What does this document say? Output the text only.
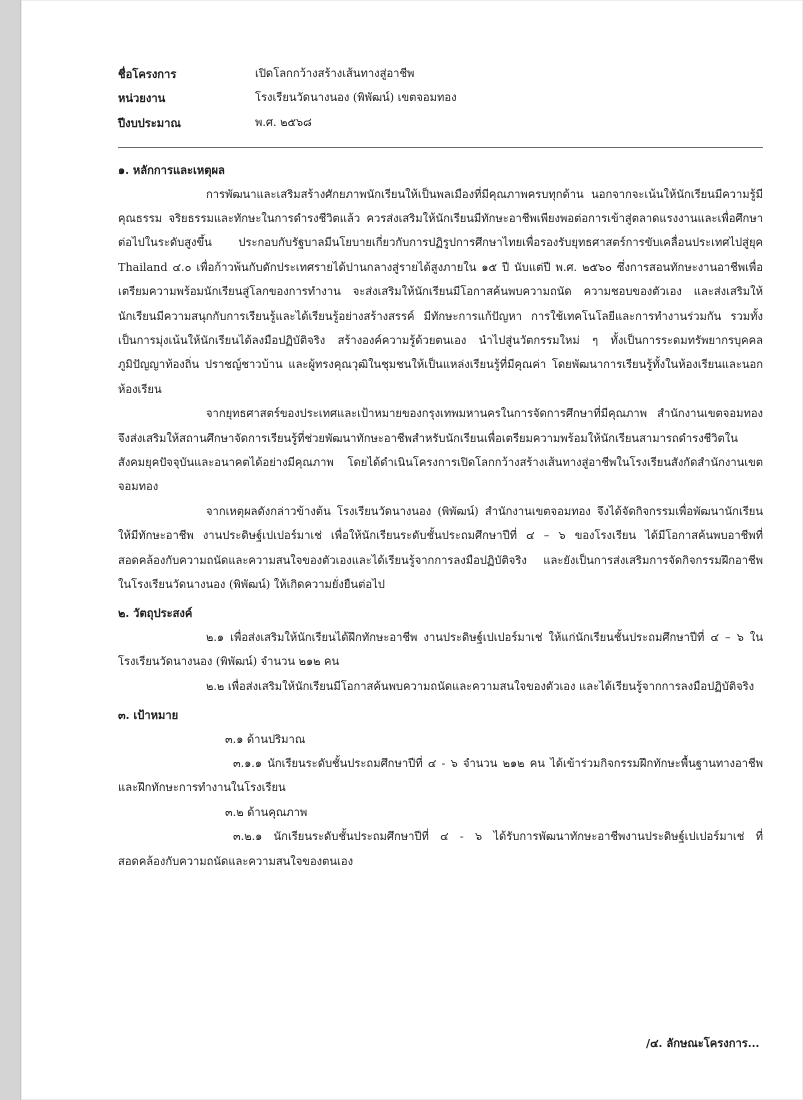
ชื่อโครงการ	เปิดโลกกว้างสร้างเส้นทางสู่อาชีพ
หน่วยงาน	โรงเรียนวัดนางนอง (พิพัฒน์) เขตจอมทอง
ปีงบประมาณ	พ.ศ. ๒๕๖๘

๑. หลักการและเหตุผล

การพัฒนาและเสริมสร้างศักยภาพนักเรียนให้เป็นพลเมืองที่มีคุณภาพครบทุกด้าน นอกจากจะเน้นให้นักเรียนมีความรู้มีคุณธรรม จริยธรรมและทักษะในการดำรงชีวิตแล้ว ควรส่งเสริมให้นักเรียนมีทักษะอาชีพเพียงพอต่อการเข้าสู่ตลาดแรงงานและเพื่อศึกษาต่อไปในระดับสูงขึ้น ประกอบกับรัฐบาลมีนโยบายเกี่ยวกับการปฏิรูปการศึกษาไทยเพื่อรองรับยุทธศาสตร์การขับเคลื่อนประเทศไปสู่ยุค Thailand ๔.๐ เพื่อก้าวพ้นกับดักประเทศรายได้ปานกลางสู่รายได้สูงภายใน ๑๕ ปี นับแต่ปี พ.ศ. ๒๕๖๐ ซึ่งการสอนทักษะงานอาชีพเพื่อเตรียมความพร้อมนักเรียนสู่โลกของการทำงาน จะส่งเสริมให้นักเรียนมีโอกาสค้นพบความถนัด ความชอบของตัวเอง และส่งเสริมให้นักเรียนมีความสนุกกับการเรียนรู้และได้เรียนรู้อย่างสร้างสรรค์ มีทักษะการแก้ปัญหา การใช้เทคโนโลยีและการทำงานร่วมกัน รวมทั้งเป็นการมุ่งเน้นให้นักเรียนได้ลงมือปฏิบัติจริง สร้างองค์ความรู้ด้วยตนเอง นำไปสู่นวัตกรรมใหม่ ๆ ทั้งเป็นการระดมทรัพยากรบุคคล ภูมิปัญญาท้องถิ่น ปราชญ์ชาวบ้าน และผู้ทรงคุณวุฒิในชุมชนให้เป็นแหล่งเรียนรู้ที่มีคุณค่า โดยพัฒนาการเรียนรู้ทั้งในห้องเรียนและนอกห้องเรียน

จากยุทธศาสตร์ของประเทศและเป้าหมายของกรุงเทพมหานครในการจัดการศึกษาที่มีคุณภาพ สำนักงานเขตจอมทองจึงส่งเสริมให้สถานศึกษาจัดการเรียนรู้ที่ช่วยพัฒนาทักษะอาชีพสำหรับนักเรียนเพื่อเตรียมความพร้อมให้นักเรียนสามารถดำรงชีวิตในสังคมยุคปัจจุบันและอนาคตได้อย่างมีคุณภาพ โดยได้ดำเนินโครงการเปิดโลกกว้างสร้างเส้นทางสู่อาชีพในโรงเรียนสังกัดสำนักงานเขตจอมทอง

จากเหตุผลดังกล่าวข้างต้น โรงเรียนวัดนางนอง (พิพัฒน์) สำนักงานเขตจอมทอง จึงได้จัดกิจกรรมเพื่อพัฒนานักเรียนให้มีทักษะอาชีพ งานประดิษฐ์เปเปอร์มาเช่ เพื่อให้นักเรียนระดับชั้นประถมศึกษาปีที่ ๔ – ๖ ของโรงเรียน ได้มีโอกาสค้นพบอาชีพที่สอดคล้องกับความถนัดและความสนใจของตัวเองและได้เรียนรู้จากการลงมือปฏิบัติจริง และยังเป็นการส่งเสริมการจัดกิจกรรมฝึกอาชีพในโรงเรียนวัดนางนอง (พิพัฒน์) ให้เกิดความยั่งยืนต่อไป

๒. วัตถุประสงค์

๒.๑ เพื่อส่งเสริมให้นักเรียนได้ฝึกทักษะอาชีพ งานประดิษฐ์เปเปอร์มาเช่ ให้แก่นักเรียนชั้นประถมศึกษาปีที่ ๔ – ๖ ในโรงเรียนวัดนางนอง (พิพัฒน์) จำนวน ๒๑๒ คน

๒.๒ เพื่อส่งเสริมให้นักเรียนมีโอกาสค้นพบความถนัดและความสนใจของตัวเอง และได้เรียนรู้จากการลงมือปฏิบัติจริง

๓. เป้าหมาย

๓.๑ ด้านปริมาณ

๓.๑.๑ นักเรียนระดับชั้นประถมศึกษาปีที่ ๔ - ๖ จำนวน ๒๑๒ คน ได้เข้าร่วมกิจกรรมฝึกทักษะพื้นฐานทางอาชีพและฝึกทักษะการทำงานในโรงเรียน

๓.๒ ด้านคุณภาพ

๓.๒.๑ นักเรียนระดับชั้นประถมศึกษาปีที่ ๔ - ๖ ได้รับการพัฒนาทักษะอาชีพงานประดิษฐ์เปเปอร์มาเช่ ที่สอดคล้องกับความถนัดและความสนใจของตนเอง

/๔. ลักษณะโครงการ...
